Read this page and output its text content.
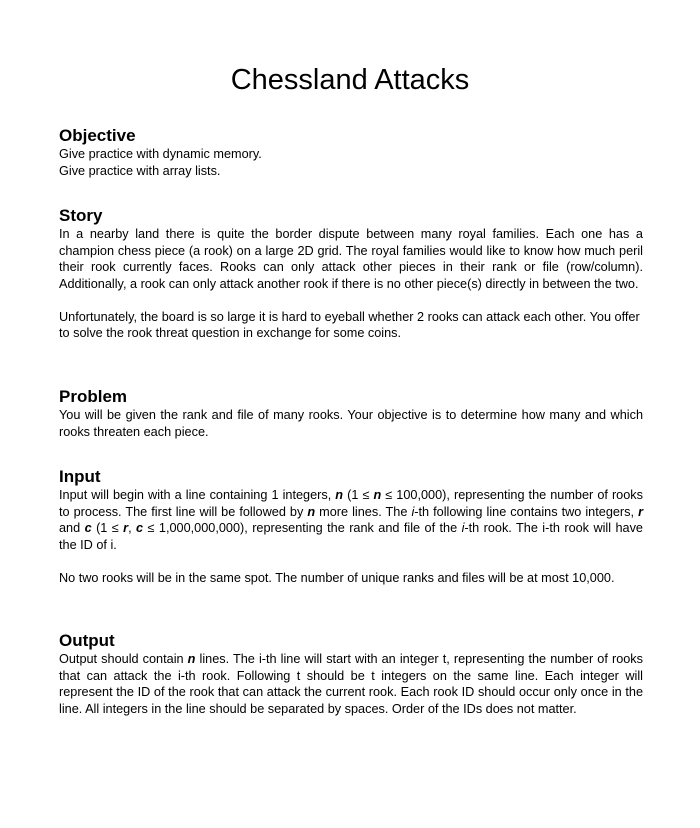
Chessland Attacks
Objective

Give practice with dynamic memory.
Give practice with array lists.

Story

In a nearby land there is quite the border dispute between many royal families. Each one has a champion chess piece (a rook) on a large 2D grid. The royal families would like to know how much peril their rook currently faces. Rooks can only attack other pieces in their rank or file (row/column). Additionally, a rook can only attack another rook if there is no other piece(s) directly in between the two.

Unfortunately, the board is so large it is hard to eyeball whether 2 rooks can attack each other. You offer to solve the rook threat question in exchange for some coins.

Problem

You will be given the rank and file of many rooks. Your objective is to determine how many and which rooks threaten each piece.

Input

Input will begin with a line containing 1 integers, n (1 ≤ n ≤ 100,000), representing the number of rooks to process. The first line will be followed by n more lines. The i-th following line contains two integers, r and c (1 ≤ r, c ≤ 1,000,000,000), representing the rank and file of the i-th rook. The i-th rook will have the ID of i.

No two rooks will be in the same spot. The number of unique ranks and files will be at most 10,000.

Output

Output should contain n lines. The i-th line will start with an integer t, representing the number of rooks that can attack the i-th rook. Following t should be t integers on the same line. Each integer will represent the ID of the rook that can attack the current rook. Each rook ID should occur only once in the line. All integers in the line should be separated by spaces. Order of the IDs does not matter.
